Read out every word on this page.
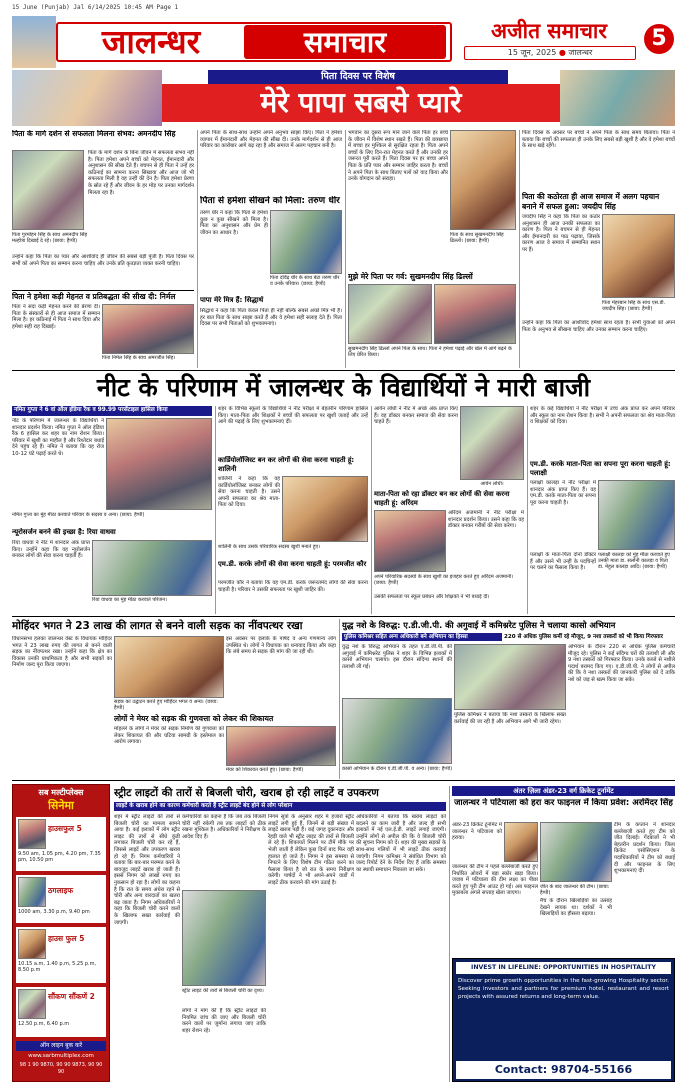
15 June (Punjab) Jal 6/14/2025 10:45 AM Page 1
जालन्धर	समाचार	अजीत समाचार
15 जून, 2025 ● जालन्धर
5
पिता दिवस पर विशेष
मेरे पापा सबसे प्यारे
पिता के मार्ग दर्शन से सफलता मिलना संभव: अमनदीप सिंह
पिता के मार्ग दर्शन के बिना जीवन में सफलता संभव नहीं है। पिता हमेशा अपने बच्चों को मेहनत, ईमानदारी और अनुशासन की सीख देते हैं। बचपन से ही पिता ने उन्हें हर कठिनाई का सामना करना सिखाया और आज जो भी सफलता मिली है वह उन्हीं की देन है। पिता हमेशा प्रेरणा के स्रोत रहे हैं और जीवन के हर मोड़ पर उनका मार्गदर्शन मिलता रहा है।
पिता गुरमोहन सिंह के साथ अमनदीप सिंह मल्होत्रा दिखाई दे रहे। (छाया: हैप्पी)
उन्होंने कहा कि पिता का प्यार और आशीर्वाद ही जीवन की सबसे बड़ी पूंजी है। पिता दिवस पर सभी को अपने पिता का सम्मान करना चाहिए और उनके प्रति कृतज्ञता व्यक्त करनी चाहिए।
पिता ने हमेशा कड़ी मेहनत व प्रतिबद्धता की सीख दी: निर्मल
पिता ने सदा कड़ी मेहनत करने की प्रेरणा दी। पिता के संस्कारों से ही आज समाज में सम्मान मिला है। हर कठिनाई में पिता ने साथ दिया और हमेशा सही राह दिखाई।
पिता निर्मल सिंह के साथ अमरजीत सिंह।
अपने पिता के साथ-साथ उन्होंने अपने अनुभव साझा किए। पिता ने हमेशा व्यापार में ईमानदारी और मेहनत की सीख दी। उनके मार्गदर्शन से ही आज परिवार का कारोबार आगे बढ़ रहा है और समाज में अलग पहचान बनी है।
पिता से हमेशा सीखने को मिला: तरुण धीर
तरुण धीर ने कहा कि पिता से हमेशा कुछ न कुछ सीखने को मिला है। पिता का अनुशासन और प्रेम ही जीवन का आधार है।
पिता दविंद्र धीर के साथ बेटा तरुण धीर व उनके परिवार। (छाया: हैप्पी)
पापा मेरे मित्र हैं: सिद्धार्थ
सिद्धार्थ ने कहा कि पिता केवल पिता ही नहीं बल्कि सबसे अच्छे मित्र भी हैं। हर बात पिता के साथ साझा करते हैं और वे हमेशा सही सलाह देते हैं। पिता दिवस पर सभी पिताओं को शुभकामनाएं।
भगवान का दूसरा रूप माने जाने वाले पिता हर बच्चे के जीवन में विशेष स्थान रखते हैं। पिता की छत्रछाया में बच्चा हर मुश्किल से सुरक्षित रहता है। पिता अपने बच्चों के लिए दिन-रात मेहनत करते हैं और उनकी हर जरूरत पूरी करते हैं। पिता दिवस पर हर बच्चा अपने पिता के प्रति प्यार और सम्मान जाहिर करता है। बच्चों ने अपने पिता के साथ बिताए पलों को याद किया और उनके योगदान को सराहा।
पिता के साथ सुखमनदीप सिंह ढिल्लों। (छाया: हैप्पी)
मुझे मेरे पिता पर गर्व: सुखमनदीप सिंह ढिल्लों
सुखमनदीप सिंह ढिल्लों अपने पिता के साथ। पिता ने हमेशा पढ़ाई और खेल में आगे बढ़ने के लिए प्रेरित किया।
पिता दिवस के अवसर पर बच्चों ने अपने पिता के साथ समय बिताया। पिता ने बताया कि बच्चों की सफलता ही उनके लिए सबसे बड़ी खुशी है और वे हमेशा बच्चों के साथ खड़े रहेंगे।
पिता की कठोरता ही आज समाज में अलग पहचान बनाने में सफल हुआ: जयदीप सिंह
जयदीप सिंह ने कहा कि पिता का कठोर अनुशासन ही आज उनकी सफलता का कारण है। पिता ने बचपन से ही मेहनत और ईमानदारी का पाठ पढ़ाया, जिसके कारण आज वे समाज में सम्मानित स्थान पर हैं।
पिता मेहरबान सिंह के साथ एस.डी. जयदीप सिंह। (छाया: हैप्पी)
उन्होंने कहा कि पिता का आशीर्वाद हमेशा साथ रहता है। सभी युवाओं को अपने पिता के अनुभव से सीखना चाहिए और उनका सम्मान करना चाहिए।
नीट के परिणाम में जालन्धर के विद्यार्थियों ने मारी बाजी
नमित गुप्ता ने 6 वां ऑल इंडिया रैंक व 99.99 परसेंटाइल हासिल किया
नीट के परिणाम में जालन्धर के विद्यार्थियों ने शानदार प्रदर्शन किया। नमित गुप्ता ने ऑल इंडिया रैंक 6 हासिल कर शहर का नाम रोशन किया। परिवार में खुशी का माहौल है और रिश्तेदार बधाई देने पहुंच रहे हैं। नमित ने बताया कि वह रोज 10-12 घंटे पढ़ाई करते थे।
नमित गुप्ता का मुंह मीठा करवाते परिवार के सदस्य व अन्य। (छाया: हैप्पी)
न्यूरोसर्जन बनने की इच्छा है: रिया वाधवा
रिया वाधवा ने नीट में शानदार अंक प्राप्त किए। उन्होंने कहा कि वह न्यूरोसर्जन बनकर लोगों की सेवा करना चाहती हैं।
रिया वाधवा का मुंह मीठा करवाते परिजन।
शहर के विभिन्न स्कूलों के विद्यार्थियों ने नीट परीक्षा में बेहतरीन परिणाम हासिल किए। माता-पिता और शिक्षकों ने बच्चों की सफलता पर खुशी जताई और उन्हें आगे की पढ़ाई के लिए शुभकामनाएं दीं।
कार्डियोलॉजिस्ट बन कर लोगों की सेवा करना चाहती हूं: शालिनी
शालिनी ने कहा कि वह कार्डियोलॉजिस्ट बनकर लोगों की सेवा करना चाहती है। उसने अपनी सफलता का श्रेय माता-पिता को दिया।
शालिनी के साथ उसके परिवारिक सदस्य खुशी मनाते हुए।
एम.डी. करके लोगों की सेवा करना चाहती हूं: परमजीत कौर
परमजीत कौर ने बताया कि वह एम.डी. करके जरूरतमंद लोगों की सेवा करना चाहती है। परिवार ने उसकी सफलता पर खुशी जाहिर की।
आर्यन लोधी ने नीट में अच्छे अंक प्राप्त किए हैं। वह डॉक्टर बनकर समाज की सेवा करना चाहते हैं।
आर्यन लोधी।
माता-पिता को रहा डॉक्टर बन कर लोगों की सेवा करना चाहती हूं: अरिंदम
अरिंदम अजमानी ने नीट परीक्षा में शानदार प्रदर्शन किया। उसने कहा कि वह डॉक्टर बनकर गरीबों की सेवा करेगा।
अपने परिवारिक सदस्यों के साथ खुशी का इजहार करते हुए अरिंदम अजमानी। (छाया: हैप्पी)
उसकी सफलता पर स्कूल प्रबंधन और शिक्षकों ने भी बधाई दी।
शहर के कई विद्यार्थियों ने नीट परीक्षा में उच्च अंक प्राप्त कर अपने परिवार और स्कूल का नाम रोशन किया है। सभी ने अपनी सफलता का श्रेय माता-पिता व शिक्षकों को दिया।
एम.डी. करके माता-पिता का सपना पूरा करना चाहती हूं: पलाक्षी
पलाक्षी कालड़ा ने नीट परीक्षा में शानदार अंक प्राप्त किए हैं। वह एम.डी. करके माता-पिता का सपना पूरा करना चाहती है।
पलाक्षी कालड़ा को मुंह मीठा करवाते हुए उनकी माता डा. सलोनी कालड़ा व पिता डा. मेहुल कालड़ा आदि। (छाया: हैप्पी)
पलाक्षी के माता-पिता दोनों डॉक्टर हैं और उसने भी उन्हीं के पदचिन्हों पर चलने का फैसला किया है।
मोहिंदर भगत ने 23 लाख की लागत से बनने वाली सड़क का नींवपत्थर रखा
विधानसभा हलका जालन्धर वेस्ट के विधायक मोहिंदर भगत ने 23 लाख रुपए की लागत से बनने वाली सड़क का नींवपत्थर रखा। उन्होंने कहा कि क्षेत्र का विकास उनकी प्राथमिकता है और सभी सड़कों का निर्माण जल्द पूरा किया जाएगा।
सड़क का उद्घाटन करते हुए मोहिंदर भगत व अन्य। (छाया: हैप्पी)
इस अवसर पर इलाके के पार्षद व अन्य गणमान्य लोग उपस्थित थे। लोगों ने विधायक का धन्यवाद किया और कहा कि लंबे समय से सड़क की मांग की जा रही थी।
लोगों ने मेयर को सड़क की गुणवत्ता को लेकर की शिकायत
मोहल्ले के लोगों ने मेयर को सड़क निर्माण की गुणवत्ता को लेकर शिकायत की और घटिया सामग्री के इस्तेमाल का आरोप लगाया।
मेयर को शिकायत करते हुए। (छाया: हैप्पी)
युद्ध नशे के विरुद्ध: ए.डी.जी.पी. की अगुवाई में कमिश्नरेट पुलिस ने चलाया कासो अभियान
पुलिस कमिश्नर सहित अन्य अधिकारी बने अभियान का हिस्सा	220 से अधिक पुलिस कर्मी रहे मौजूद, 9 नशा तस्करों को भी किया गिरफ्तार
युद्ध नशे के विरुद्ध अभियान के तहत ए.डी.जी.पी. की अगुवाई में कमिश्नरेट पुलिस ने शहर के विभिन्न इलाकों में कासो अभियान चलाया। इस दौरान संदिग्ध स्थानों की तलाशी ली गई।
कासो अभियान के दौरान ए.डी.जी.पी. व अन्य। (छाया: हैप्पी)
पुलिस कमिश्नर ने बताया कि नशा तस्करों के खिलाफ सख्त कार्रवाई की जा रही है और अभियान आगे भी जारी रहेगा।
अभियान के दौरान 220 से अधिक पुलिस कर्मचारी मौजूद रहे। पुलिस ने कई संदिग्ध घरों की तलाशी ली और 9 नशा तस्करों को गिरफ्तार किया। उनके कब्जे से नशीले पदार्थ बरामद किए गए। ए.डी.जी.पी. ने लोगों से अपील की कि वे नशा तस्करों की जानकारी पुलिस को दें ताकि नशे को जड़ से खत्म किया जा सके।
सब मल्टीप्लेक्स
सिनेमा
हाउसफुल 5
9.50 am, 1.05 pm, 4.20 pm, 7.35 pm, 10.50 pm
ठगलाइफ
1000 am, 3.30 p.m, 9.40 pm
हाउस फुल 5
10.15 a.m, 1.40 p.m, 5.25 p.m, 8.50 p.m
सौंकण सौंकणें 2
12.50 p.m, 6.40 p.m
ऑन लाइन बुक करें
www.sarbmultiplex.com
98 1 90 9870, 90 90 9873, 90 90 90
स्ट्रीट लाइटों की तारों से बिजली चोरी, खराब हो रही लाइटें व उपकरण
लाइटें के खराब होने का कारण कर्मचारी करते हैं स्ट्रीट लाइटें बंद होने से लोग परेशान
शहर में स्ट्रीट लाइटों की तारों से बिजली चोरी का मामला सामने आया है। कई इलाकों में लोग स्ट्रीट लाइट की तारों से सीधे कुंडी लगाकर बिजली चोरी कर रहे हैं, जिससे लाइटें और उपकरण खराब हो रहे हैं। निगम कर्मचारियों ने बताया कि बार-बार मरम्मत करने के बावजूद लाइटें खराब हो जाती हैं। इससे निगम को लाखों रुपए का नुकसान हो रहा है। लोगों का कहना है कि रात के समय अंधेरा रहने से चोरी और अन्य वारदातों का खतरा बढ़ जाता है। निगम अधिकारियों ने कहा कि बिजली चोरी करने वालों के खिलाफ सख्त कार्रवाई की जाएगी।
कर्मचारियों का कहना है कि जब तक बिजली चोरी नहीं रुकेगी तब तक लाइटों को ठीक रखना मुश्किल है। अधिकारियों ने निरीक्षण के आदेश दिए हैं।
स्ट्रीट लाइट की तारों से बिजली चोरी का दृश्य।
लोगों ने मांग की है कि स्ट्रीट लाइटों की नियमित जांच की जाए और बिजली चोरी करने वालों पर जुर्माना लगाया जाए ताकि शहर रोशन रहे।
निगम सूत्रों के अनुसार शहर में हजारों स्ट्रीट लाइटें लगी हुई हैं, जिनमें से बड़ी संख्या में लाइटें खराब पड़ी हैं। कई जगह दुकानदार और रेहड़ी वाले भी स्ट्रीट लाइट की तारों से बिजली ले रहे हैं। शिकायतें मिलने पर टीमें मौके पर भेजी जाती हैं लेकिन कुछ दिनों बाद फिर वही हालात हो जाते हैं। निगम ने इस समस्या से निपटने के लिए विशेष टीम गठित करने का फैसला किया है जो रात के समय निरीक्षण करेगी। पार्षदों ने भी अपने-अपने वार्डों में लाइटें ठीक करवाने की मांग उठाई है।
अधिकारियों ने बताया कि खराब लाइटों को बदलने का काम जारी है और जल्द ही सभी इलाकों में नई एल.ई.डी. लाइटें लगाई जाएंगी। उन्होंने लोगों से अपील की कि वे बिजली चोरी की सूचना निगम को दें। शहर की मुख्य सड़कों के साथ-साथ गलियों में भी लाइटें ठीक करवाई जाएंगी। निगम कमिश्नर ने संबंधित विभाग को जल्द रिपोर्ट देने के निर्देश दिए हैं ताकि समस्या का स्थायी समाधान निकाला जा सके।
अंतर ज़िला अंडर-23 वर्ग क्रिकेट टूर्नामेंट
जालन्धर ने पटियाला को हरा कर फाइनल में किया प्रवेश: अरमिंदर सिंह
अंडर-23 क्रिकेट टूर्नामेंट में जालन्धर ने पटियाला को हराया।
टीम के कप्तान ने शानदार बल्लेबाजी करते हुए टीम को जीत दिलाई। गेंदबाजों ने भी बेहतरीन प्रदर्शन किया। जिला क्रिकेट एसोसिएशन के पदाधिकारियों ने टीम को बधाई दी और फाइनल के लिए शुभकामनाएं दीं।
जीत के बाद जालन्धर की टीम। (छाया: हैप्पी)
जालन्धर की टीम ने पहले बल्लेबाजी करते हुए निर्धारित ओवरों में बड़ा स्कोर खड़ा किया। जवाब में पटियाला की टीम लक्ष्य का पीछा करते हुए पूरी टीम आउट हो गई। अब फाइनल मुकाबला अगले सप्ताह खेला जाएगा।
मैच के दौरान खिलाड़ियों का उत्साह देखने लायक था। दर्शकों ने भी खिलाड़ियों का हौसला बढ़ाया।
INVEST IN LIFELINE: OPPORTUNITIES IN HOSPITALITY
Discover prime growth opportunities in the fast-growing Hospitality sector. Seeking investors and partners for premium hotel, restaurant and resort projects with assured returns and long-term value.
Contact: 98704-55166
